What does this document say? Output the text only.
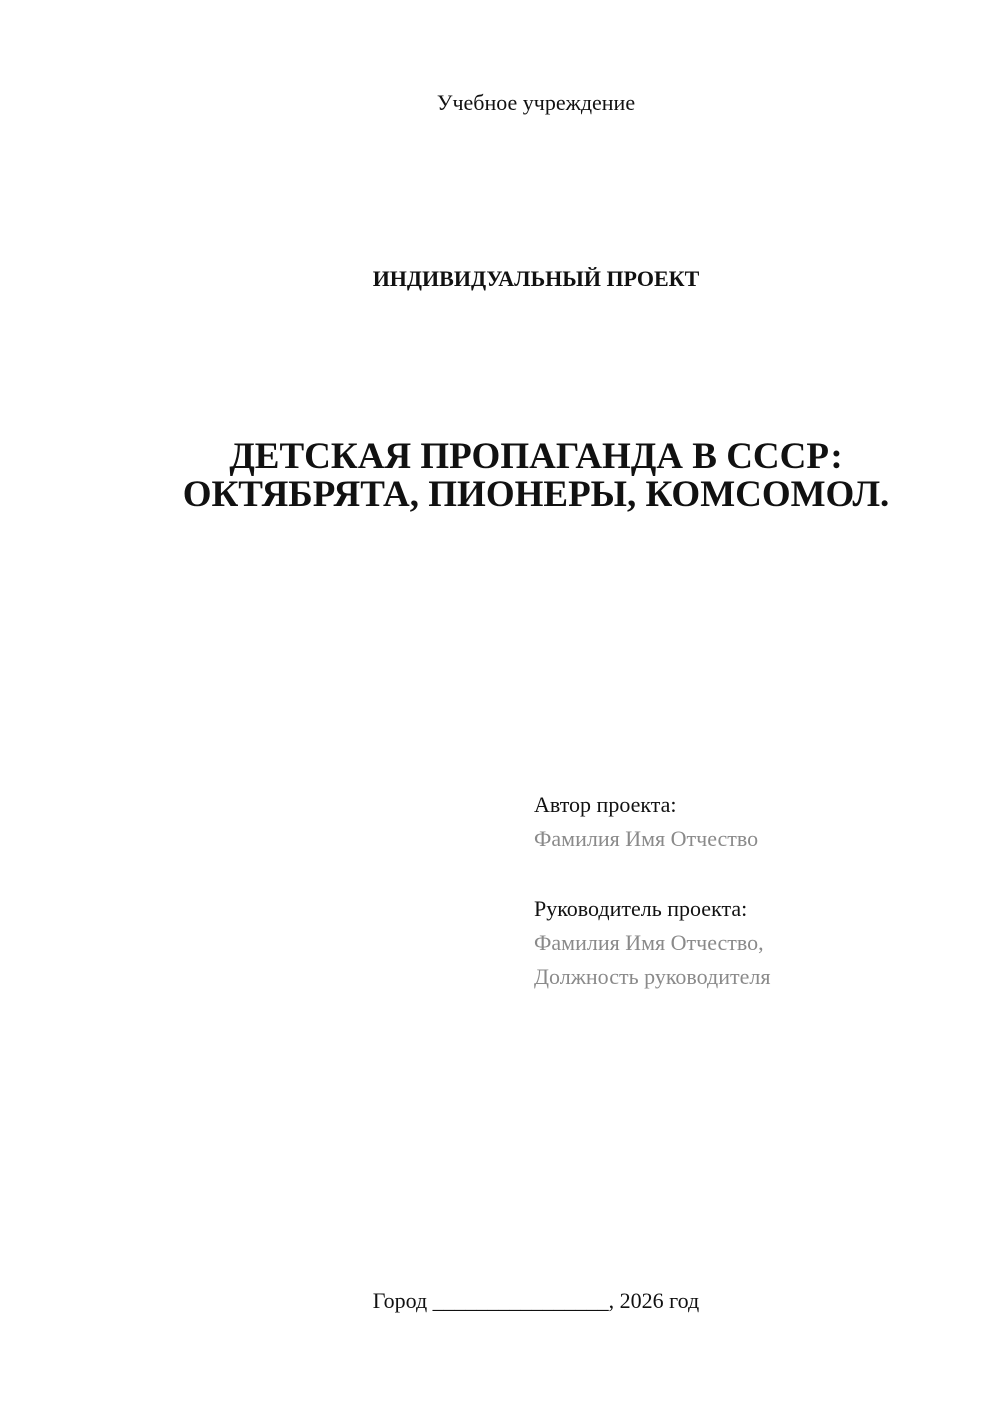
Учебное учреждение
ИНДИВИДУАЛЬНЫЙ ПРОЕКТ
ДЕТСКАЯ ПРОПАГАНДА В СССР:
ОКТЯБРЯТА, ПИОНЕРЫ, КОМСОМОЛ.
Автор проекта:
Фамилия Имя Отчество
Руководитель проекта:
Фамилия Имя Отчество,
Должность руководителя
Город ________________, 2026 год
